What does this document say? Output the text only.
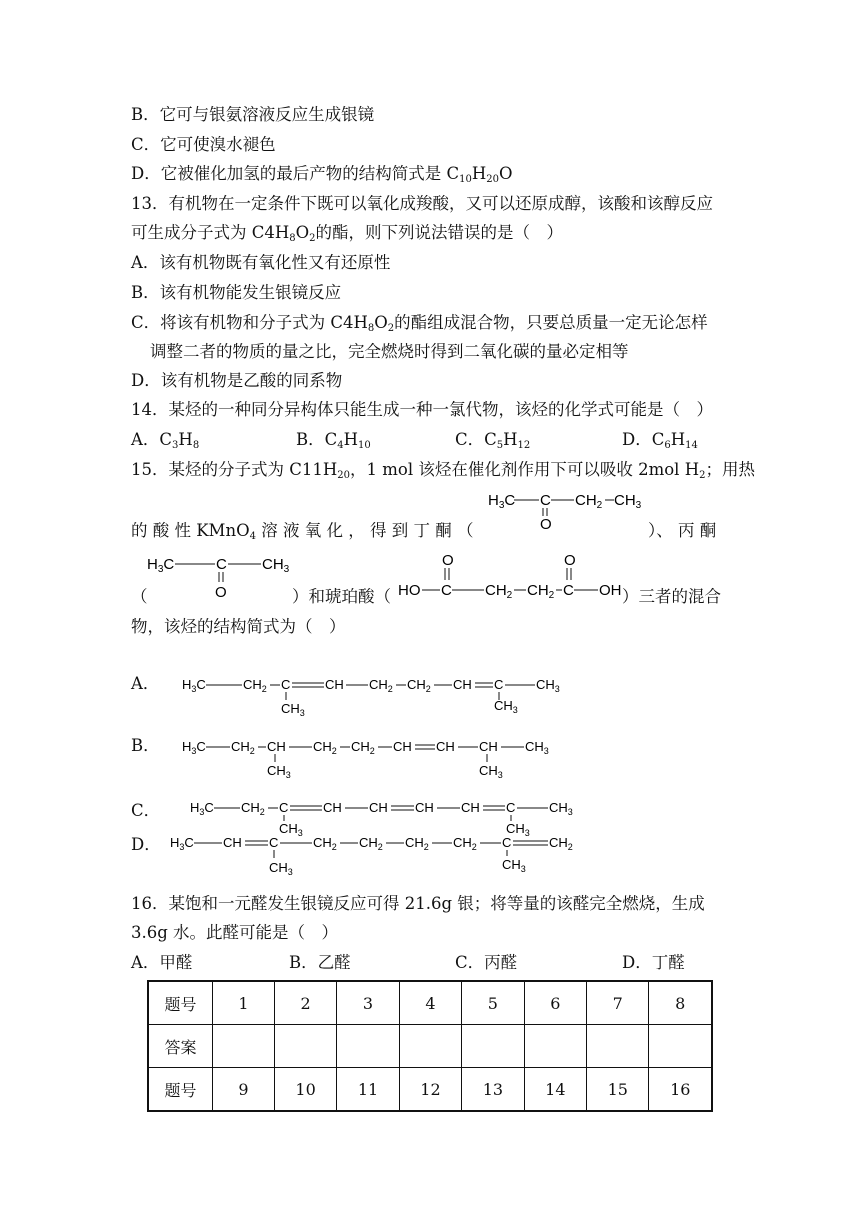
B．它可与银氨溶液反应生成银镜
C．它可使溴水褪色
D．它被催化加氢的最后产物的结构简式是 $C_{10}H_{20}O$
13．有机物在一定条件下既可以氧化成羧酸，又可以还原成醇，该酸和该醇反应
可生成分子式为 $C4H_8O_2$的酯，则下列说法错误的是（　）
A．该有机物既有氧化性又有还原性
B．该有机物能发生银镜反应
C．将该有机物和分子式为 $C4H_8O_2$的酯组成混合物，只要总质量一定无论怎样
调整二者的物质的量之比，完全燃烧时得到二氧化碳的量必定相等
D．该有机物是乙酸的同系物
14．某烃的一种同分异构体只能生成一种一氯代物，该烃的化学式可能是（　）
A．$C_3H_8$	B．$C_4H_{10}$	C．$C_5H_{12}$	D．$C_6H_{14}$
15．某烃的分子式为 $C11H_{20}$，1 mol 该烃在催化剂作用下可以吸收 2mol $H_2$；用热
$H_3C$ C $CH_2$ $CH_3$
O
的 酸 性 KMnO$_4$ 溶 液 氧 化 ， 得 到 丁 酮 （	）、 丙 酮
$H_3C$	C $CH_3$
O
O
HO C $CH_2$ $CH_2$ C OH
O
（	）和琥珀酸（	）三者的混合
物，该烃的结构简式为（　）
A． $H_3C$	$CH_2$ C	CH $CH_2$ $CH_2$ CH C	$CH_3$
$CH_3$	$CH_3$
B． $H_3C$ $CH_2$ CH $CH_2$ $CH_2$ CH CH CH $CH_3$
$CH_3$	$CH_3$
C． $H_3C$ $CH_2$ C	CH CH CH CH C	$CH_3$
$CH_3$	$CH_3$
D． $H_3C$ CH C	$CH_2$ $CH_2$ $CH_2$ $CH_2$ C	$CH_2$
$CH_3$	$CH_3$
16．某饱和一元醛发生银镜反应可得 21.6g 银；将等量的该醛完全燃烧，生成
3.6g 水。此醛可能是（　）
A．甲醛	B．乙醛	C．丙醛	D．丁醛
题号	1	2	3	4	5	6	7	8
答案								
题号	9	10	11	12	13	14	15	16
